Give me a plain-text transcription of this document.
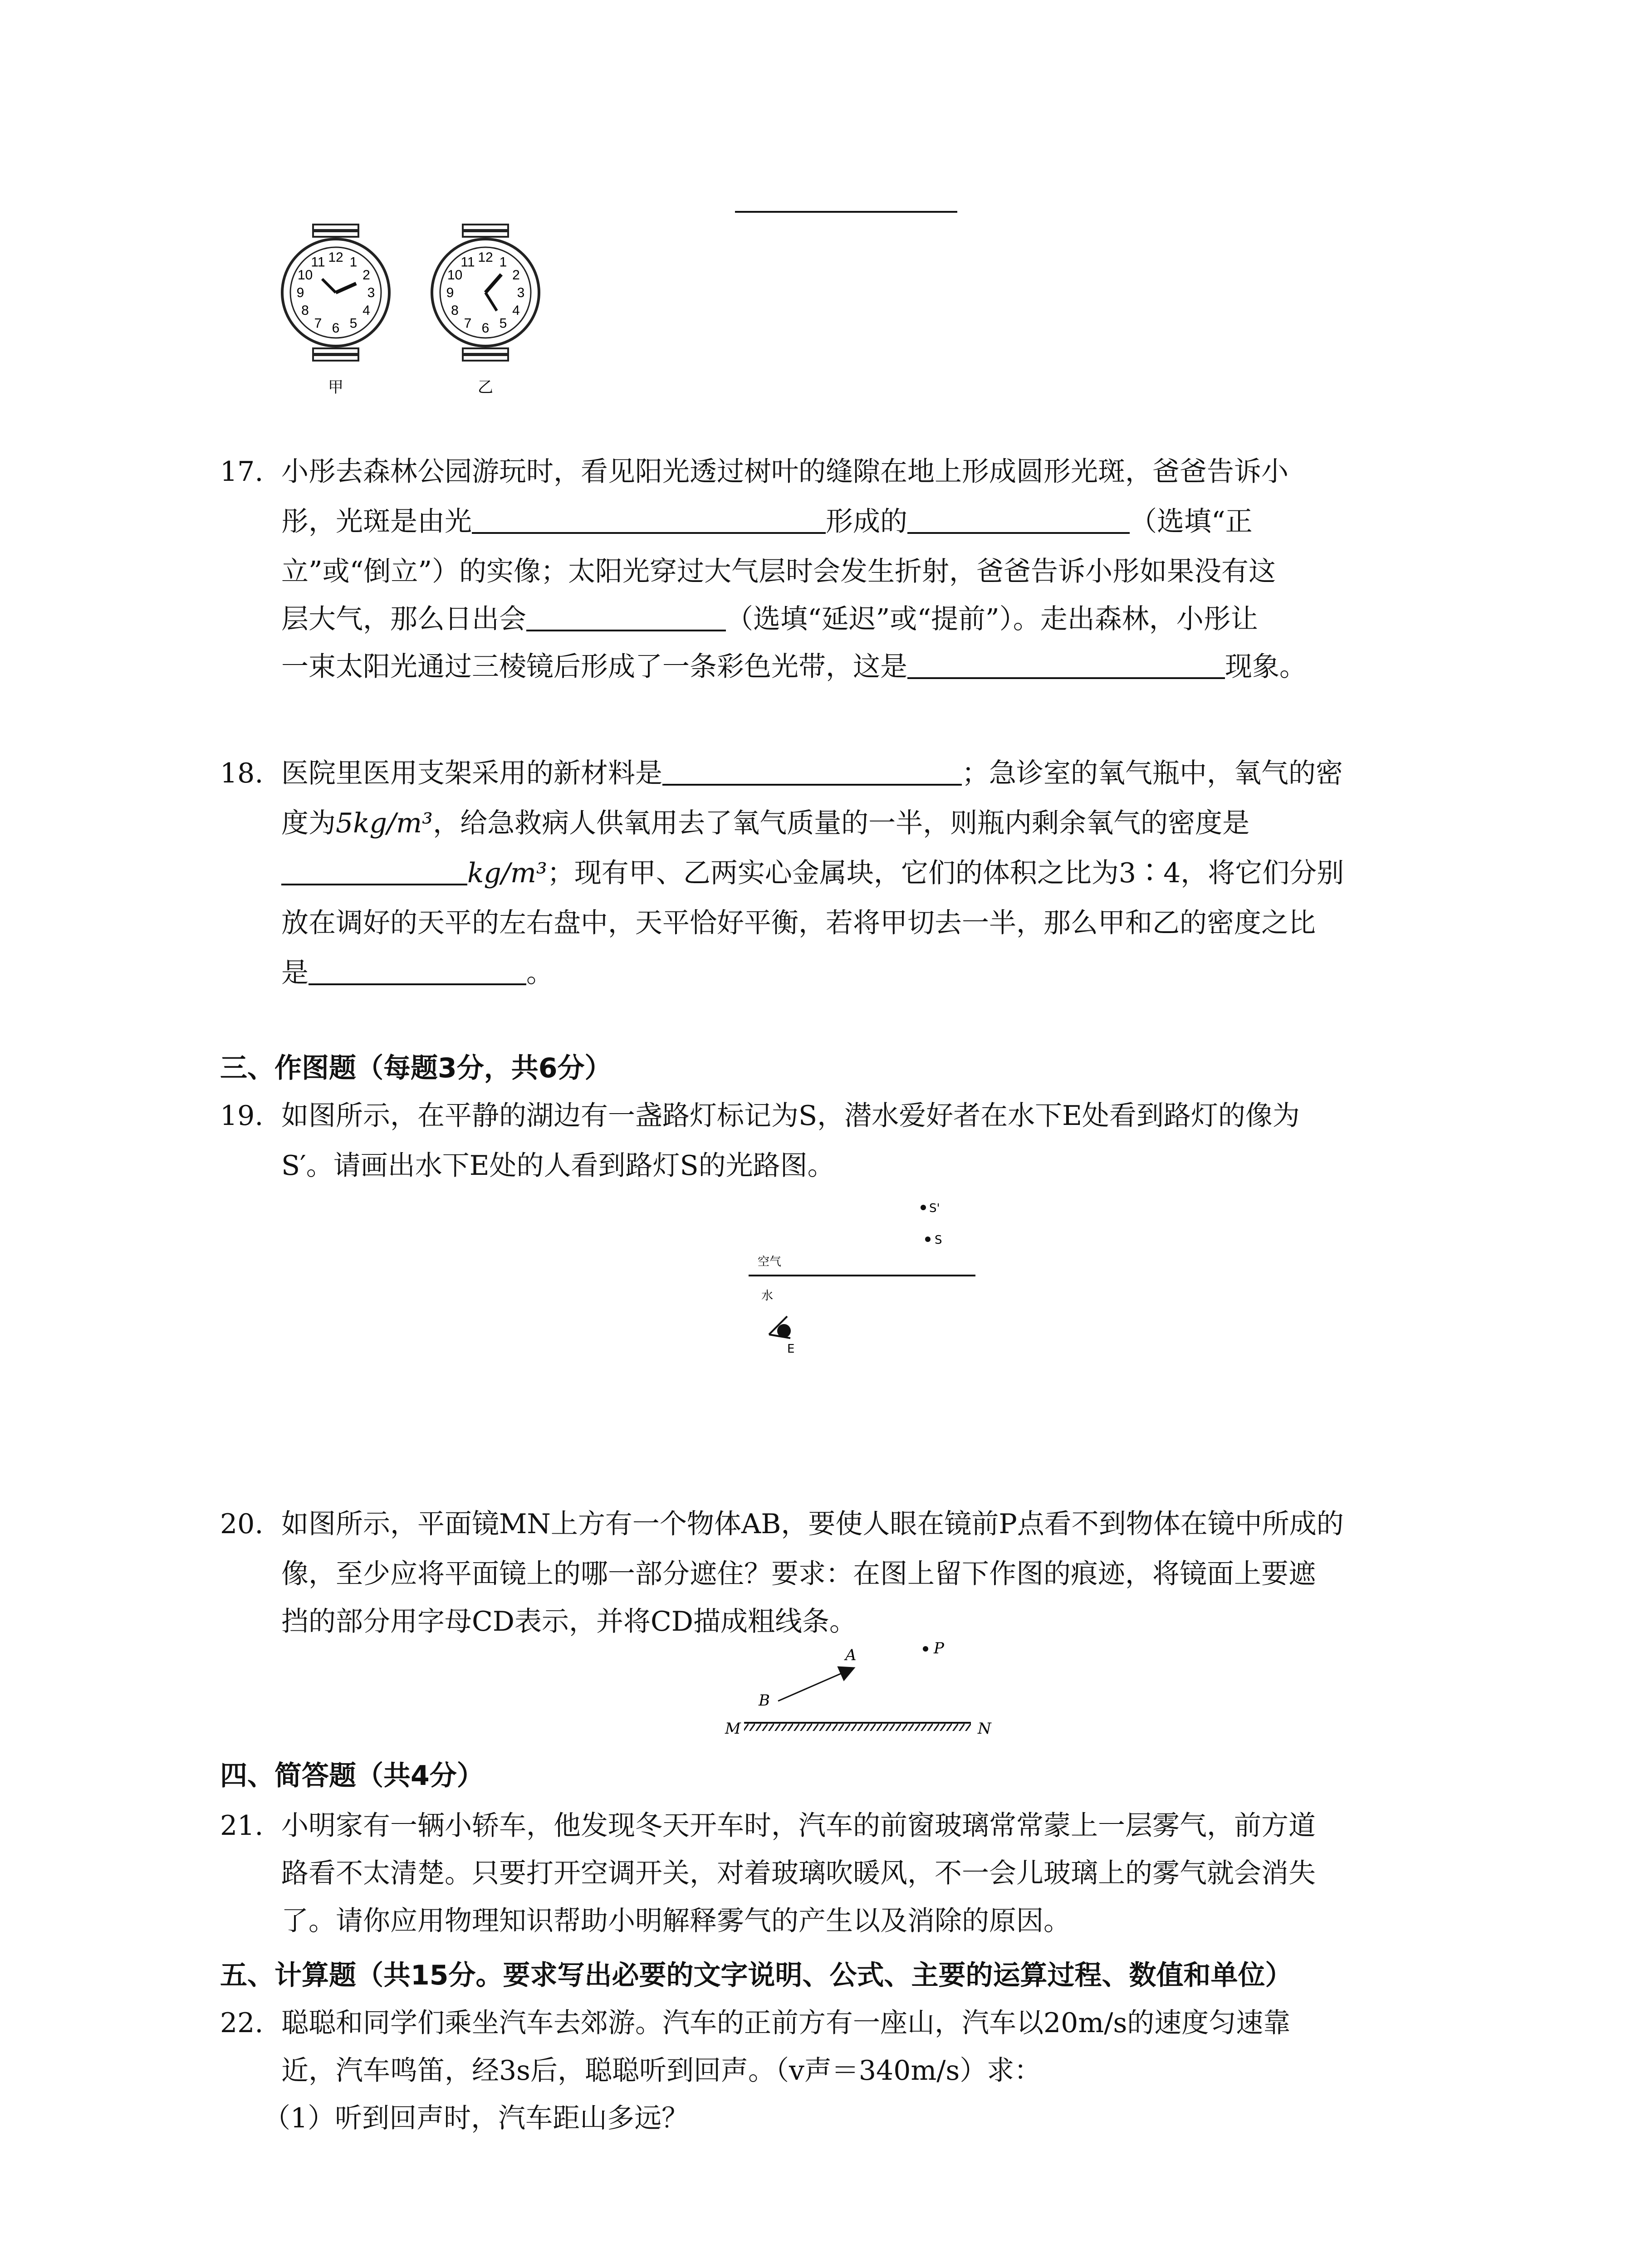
12 1
2
3
4
5
6
7
8
9
10
11	12 1
2
3
4
5
6
7
8
9
10
11
甲	乙
17. 小彤去森林公园游玩时，看见阳光透过树叶的缝隙在地上形成圆形光斑，爸爸告诉小
彤，光斑是由光	形成的	（选填“正
立”或“倒立”）的实像；太阳光穿过大气层时会发生折射，爸爸告诉小彤如果没有这
层大气，那么日出会	（选填“延迟”或“提前”）。走出森林，小彤让
一束太阳光通过三棱镜后形成了一条彩色光带，这是	现象。
18. 医院里医用支架采用的新材料是	；急诊室的氧气瓶中，氧气的密
度为5kg/m³，给急救病人供氧用去了氧气质量的一半，则瓶内剩余氧气的密度是
kg/m³；现有甲、乙两实心金属块，它们的体积之比为3∶4，将它们分别
放在调好的天平的左右盘中，天平恰好平衡，若将甲切去一半，那么甲和乙的密度之比
是	。
三、作图题（每题3分，共6分）
19. 如图所示，在平静的湖边有一盏路灯标记为S，潜水爱好者在水下E处看到路灯的像为
S′。请画出水下E处的人看到路灯S的光路图。
S'
S
空气
水
E
20. 如图所示，平面镜MN上方有一个物体AB，要使人眼在镜前P点看不到物体在镜中所成的
像，至少应将平面镜上的哪一部分遮住？要求：在图上留下作图的痕迹，将镜面上要遮
挡的部分用字母CD表示，并将CD描成粗线条。
A
B
P
M	N
四、简答题（共4分）
21. 小明家有一辆小轿车，他发现冬天开车时，汽车的前窗玻璃常常蒙上一层雾气，前方道
路看不太清楚。只要打开空调开关，对着玻璃吹暖风，不一会儿玻璃上的雾气就会消失
了。请你应用物理知识帮助小明解释雾气的产生以及消除的原因。
五、计算题（共15分。要求写出必要的文字说明、公式、主要的运算过程、数值和单位）
22. 聪聪和同学们乘坐汽车去郊游。汽车的正前方有一座山，汽车以20m/s的速度匀速靠
近，汽车鸣笛，经3s后，聪聪听到回声。（v声＝340m/s）求：
（1）听到回声时，汽车距山多远？
